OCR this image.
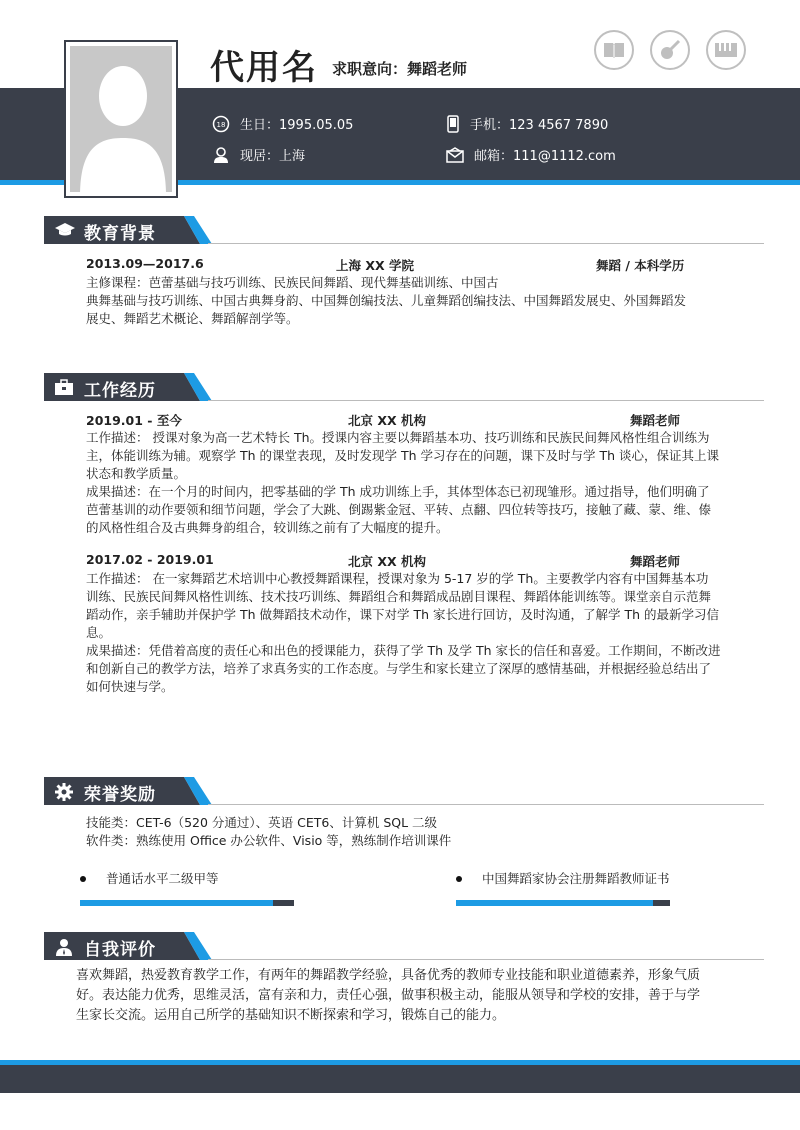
代用名 求职意向：舞蹈老师
18 生日：1995.05.05	手机：123 4567 7890
现居：上海	邮箱：111@1112.com
教育背景
2013.09—2017.6	上海 XX 学院	舞蹈 / 本科学历
主修课程：芭蕾基础与技巧训练、民族民间舞蹈、现代舞基础训练、中国古
典舞基础与技巧训练、中国古典舞身韵、中国舞创编技法、儿童舞蹈创编技法、中国舞蹈发展史、外国舞蹈发
展史、舞蹈艺术概论、舞蹈解剖学等。
工作经历
2019.01 - 至今	北京 XX 机构	舞蹈老师
工作描述： 授课对象为高一艺术特长 Th。授课内容主要以舞蹈基本功、技巧训练和民族民间舞风格性组合训练为
主，体能训练为辅。观察学 Th 的课堂表现，及时发现学 Th 学习存在的问题，课下及时与学 Th 谈心，保证其上课
状态和教学质量。
成果描述：在一个月的时间内，把零基础的学 Th 成功训练上手，其体型体态已初现雏形。通过指导，他们明确了
芭蕾基训的动作要领和细节问题，学会了大跳、倒踢紫金冠、平转、点翻、四位转等技巧，接触了藏、蒙、维、傣
的风格性组合及古典舞身韵组合，较训练之前有了大幅度的提升。
2017.02 - 2019.01	北京 XX 机构	舞蹈老师
工作描述： 在一家舞蹈艺术培训中心教授舞蹈课程，授课对象为 5-17 岁的学 Th。主要教学内容有中国舞基本功
训练、民族民间舞风格性训练、技术技巧训练、舞蹈组合和舞蹈成品剧目课程、舞蹈体能训练等。课堂亲自示范舞
蹈动作，亲手辅助并保护学 Th 做舞蹈技术动作，课下对学 Th 家长进行回访，及时沟通，了解学 Th 的最新学习信
息。
成果描述：凭借着高度的责任心和出色的授课能力，获得了学 Th 及学 Th 家长的信任和喜爱。工作期间，不断改进
和创新自己的教学方法，培养了求真务实的工作态度。与学生和家长建立了深厚的感情基础，并根据经验总结出了
如何快速与学。
荣誉奖励
技能类：CET-6（520 分通过）、英语 CET6、计算机 SQL 二级
软件类：熟练使用 Office 办公软件、Visio 等，熟练制作培训课件
普通话水平二级甲等	中国舞蹈家协会注册舞蹈教师证书
自我评价
喜欢舞蹈，热爱教育教学工作，有两年的舞蹈教学经验，具备优秀的教师专业技能和职业道德素养，形象气质
好。表达能力优秀，思维灵活，富有亲和力，责任心强，做事积极主动，能服从领导和学校的安排，善于与学
生家长交流。运用自己所学的基础知识不断探索和学习，锻炼自己的能力。
